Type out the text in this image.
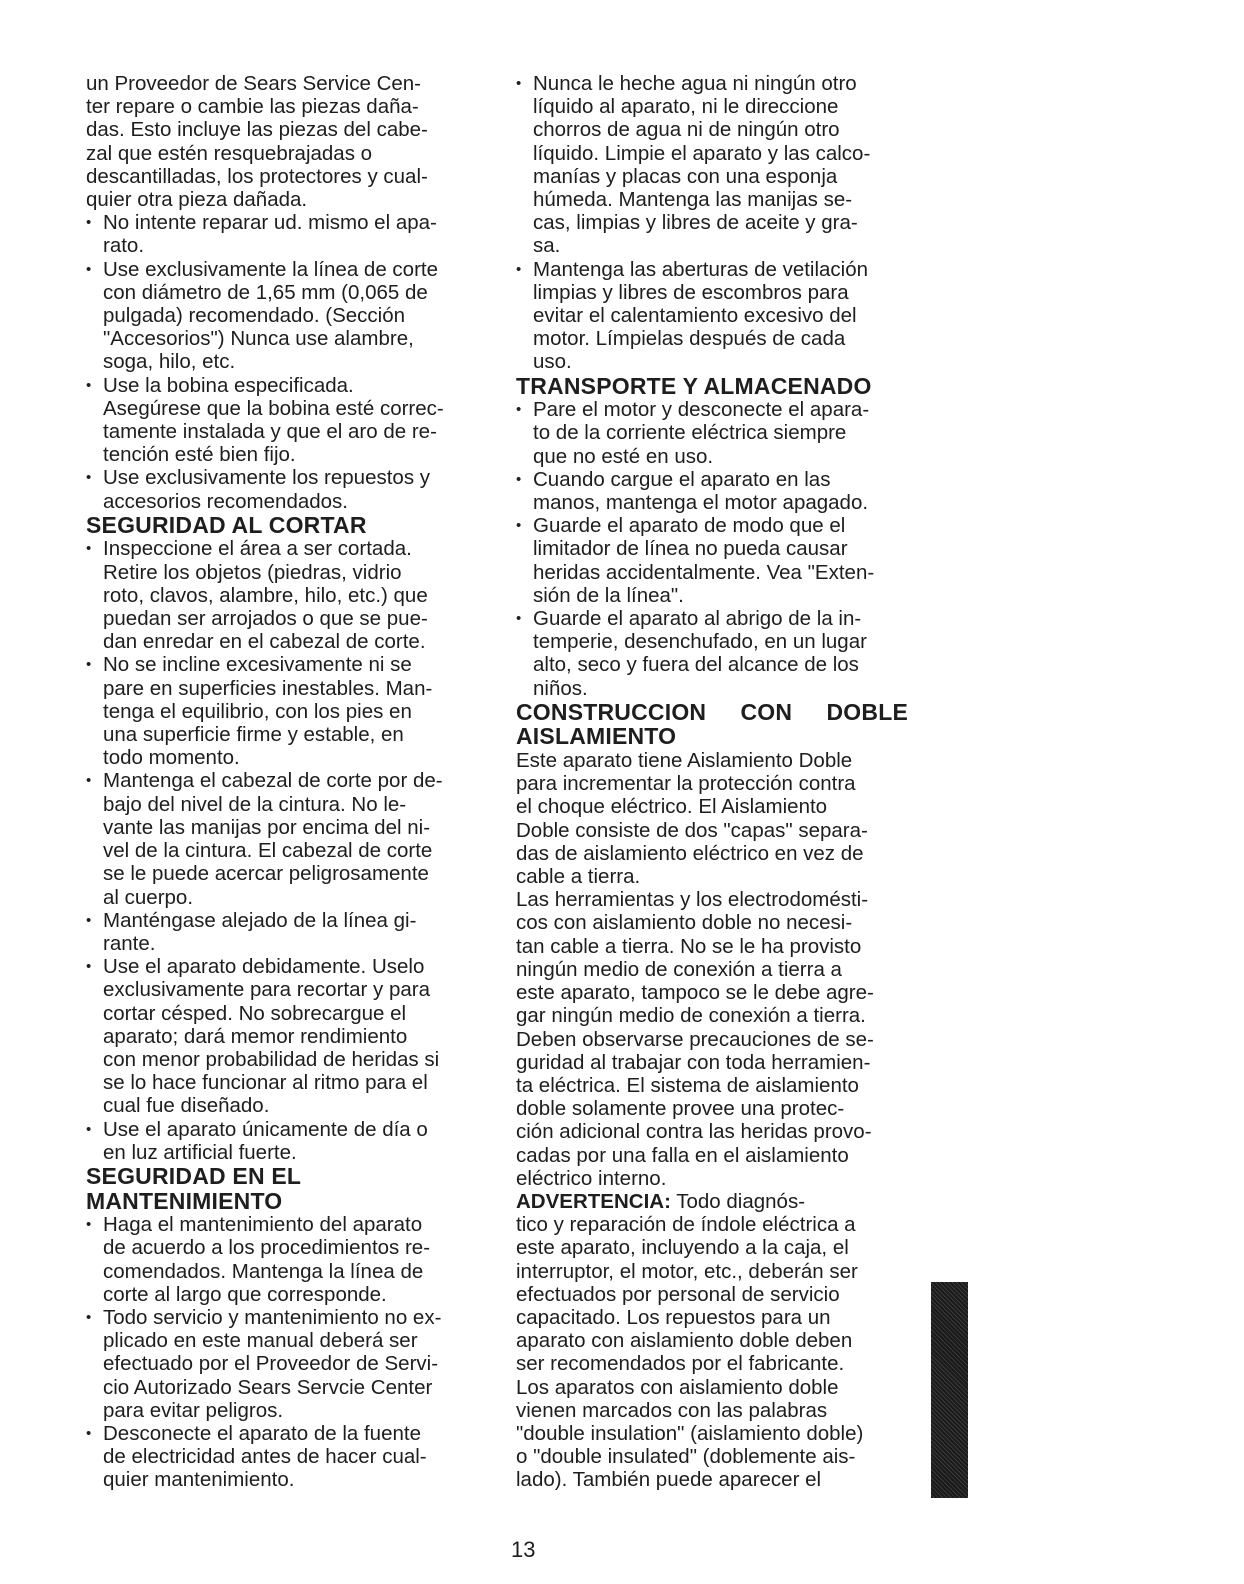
un Proveedor de Sears Service Cen-
ter repare o cambie las piezas daña-
das. Esto incluye las piezas del cabe-
zal que estén resquebrajadas o
descantilladas, los protectores y cual-
quier otra pieza dañada.
• No intente reparar ud. mismo el apa-
rato.
• Use exclusivamente la línea de corte
con diámetro de 1,65 mm (0,065 de
pulgada) recomendado. (Sección
"Accesorios") Nunca use alambre,
soga, hilo, etc.
• Use la bobina especificada.
Asegúrese que la bobina esté correc-
tamente instalada y que el aro de re-
tención esté bien fijo.
• Use exclusivamente los repuestos y
accesorios recomendados.
SEGURIDAD AL CORTAR
• Inspeccione el área a ser cortada.
Retire los objetos (piedras, vidrio
roto, clavos, alambre, hilo, etc.) que
puedan ser arrojados o que se pue-
dan enredar en el cabezal de corte.
• No se incline excesivamente ni se
pare en superficies inestables. Man-
tenga el equilibrio, con los pies en
una superficie firme y estable, en
todo momento.
• Mantenga el cabezal de corte por de-
bajo del nivel de la cintura. No le-
vante las manijas por encima del ni-
vel de la cintura. El cabezal de corte
se le puede acercar peligrosamente
al cuerpo.
• Manténgase alejado de la línea gi-
rante.
• Use el aparato debidamente. Uselo
exclusivamente para recortar y para
cortar césped. No sobrecargue el
aparato; dará memor rendimiento
con menor probabilidad de heridas si
se lo hace funcionar al ritmo para el
cual fue diseñado.
• Use el aparato únicamente de día o
en luz artificial fuerte.
SEGURIDAD EN EL
MANTENIMIENTO
• Haga el mantenimiento del aparato
de acuerdo a los procedimientos re-
comendados. Mantenga la línea de
corte al largo que corresponde.
• Todo servicio y mantenimiento no ex-
plicado en este manual deberá ser
efectuado por el Proveedor de Servi-
cio Autorizado Sears Servcie Center
para evitar peligros.
• Desconecte el aparato de la fuente
de electricidad antes de hacer cual-
quier mantenimiento.
• Nunca le heche agua ni ningún otro
líquido al aparato, ni le direccione
chorros de agua ni de ningún otro
líquido. Limpie el aparato y las calco-
manías y placas con una esponja
húmeda. Mantenga las manijas se-
cas, limpias y libres de aceite y gra-
sa.
• Mantenga las aberturas de vetilación
limpias y libres de escombros para
evitar el calentamiento excesivo del
motor. Límpielas después de cada
uso.
TRANSPORTE Y ALMACENADO
• Pare el motor y desconecte el apara-
to de la corriente eléctrica siempre
que no esté en uso.
• Cuando cargue el aparato en las
manos, mantenga el motor apagado.
• Guarde el aparato de modo que el
limitador de línea no pueda causar
heridas accidentalmente. Vea "Exten-
sión de la línea".
• Guarde el aparato al abrigo de la in-
temperie, desenchufado, en un lugar
alto, seco y fuera del alcance de los
niños.
CONSTRUCCION CON DOBLE
AISLAMIENTO
Este aparato tiene Aislamiento Doble
para incrementar la protección contra
el choque eléctrico. El Aislamiento
Doble consiste de dos "capas" separa-
das de aislamiento eléctrico en vez de
cable a tierra.
Las herramientas y los electrodomésti-
cos con aislamiento doble no necesi-
tan cable a tierra. No se le ha provisto
ningún medio de conexión a tierra a
este aparato, tampoco se le debe agre-
gar ningún medio de conexión a tierra.
Deben observarse precauciones de se-
guridad al trabajar con toda herramien-
ta eléctrica. El sistema de aislamiento
doble solamente provee una protec-
ción adicional contra las heridas provo-
cadas por una falla en el aislamiento
eléctrico interno.
ADVERTENCIA: Todo diagnós-
tico y reparación de índole eléctrica a
este aparato, incluyendo a la caja, el
interruptor, el motor, etc., deberán ser
efectuados por personal de servicio
capacitado. Los repuestos para un
aparato con aislamiento doble deben
ser recomendados por el fabricante.
Los aparatos con aislamiento doble
vienen marcados con las palabras
"double insulation" (aislamiento doble)
o "double insulated" (doblemente ais-
lado). También puede aparecer el
13
